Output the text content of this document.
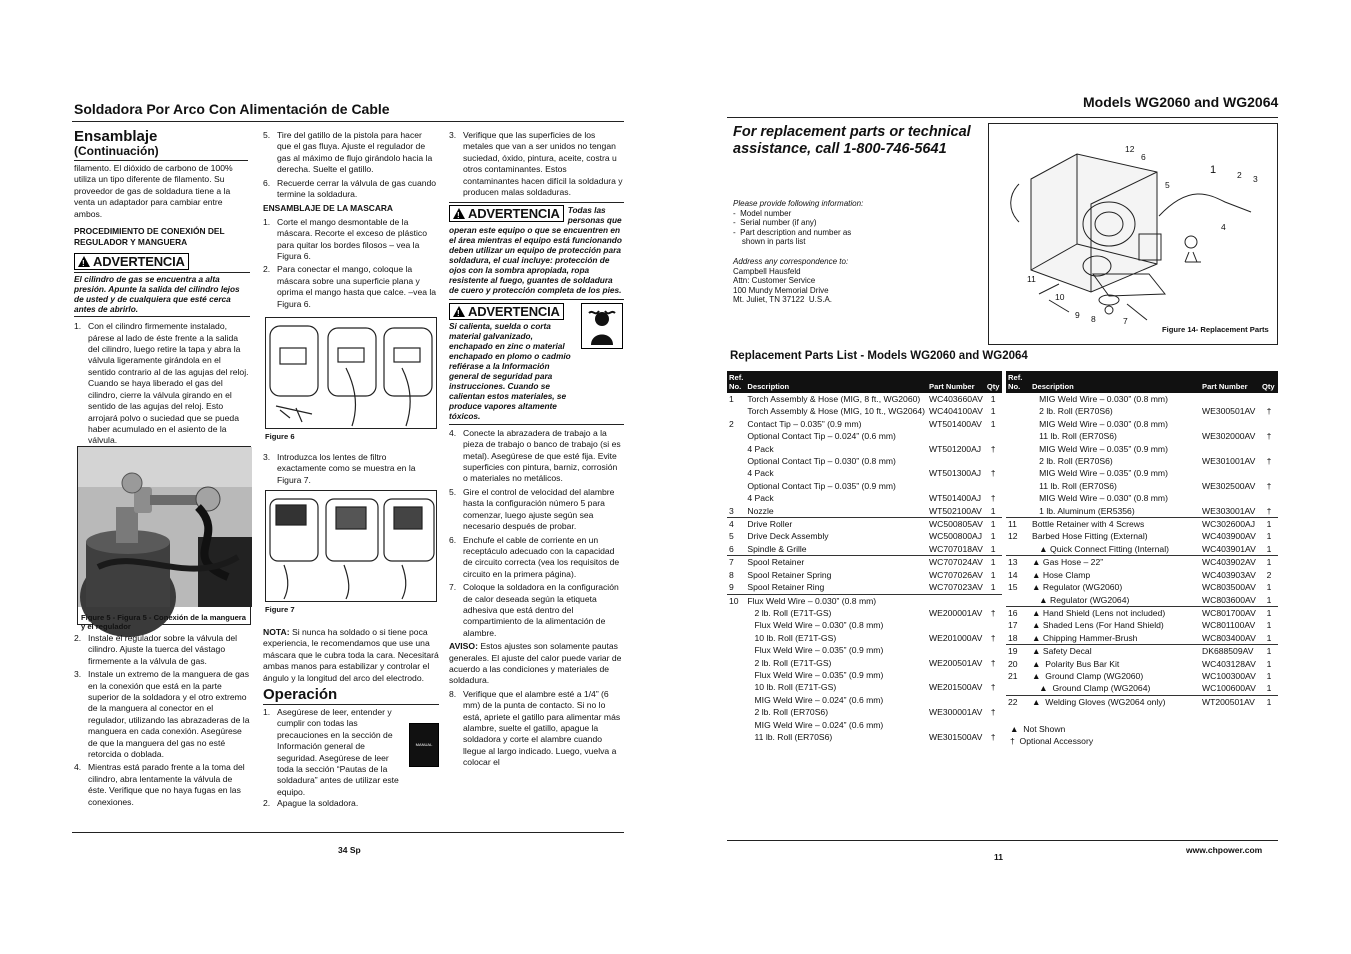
Soldadora Por Arco Con Alimentación de Cable
Ensamblaje
(Continuación)

filamento. El dióxido de carbono de 100% utiliza un tipo diferente de filamento. Su proveedor de gas de soldadura tiene a la venta un adaptador para cambiar entre ambos.

PROCEDIMIENTO DE CONEXIÓN DEL REGULADOR Y MANGUERA
!
ADVERTENCIA
El cilindro de gas se encuentra a alta presión. Apunte la salida del cilindro lejos de usted y de cualquiera que esté cerca antes de abrirlo.
1. Con el cilindro firmemente instalado, párese al lado de éste frente a la salida del cilindro, luego retire la tapa y abra la válvula ligeramente girándola en el sentido contrario al de las agujas del reloj. Cuando se haya liberado el gas del cilindro, cierre la válvula girando en el sentido de las agujas del reloj. Esto arrojará polvo o suciedad que se pueda haber acumulado en el asiento de la válvula.
Figure 5 - Figura 5 - Conexión de la manguera y el regulador
2. Instale el regulador sobre la válvula del cilindro. Ajuste la tuerca del vástago firmemente a la válvula de gas.
3. Instale un extremo de la manguera de gas en la conexión que está en la parte superior de la soldadora y el otro extremo de la manguera al conector en el regulador, utilizando las abrazaderas de la manguera en cada conexión. Asegúrese de que la manguera del gas no esté retorcida o doblada.
4. Mientras está parado frente a la toma del cilindro, abra lentamente la válvula de éste. Verifique que no haya fugas en las conexiones.
5. Tire del gatillo de la pistola para hacer que el gas fluya. Ajuste el regulador de gas al máximo de flujo girándolo hacia la derecha. Suelte el gatillo.
6. Recuerde cerrar la válvula de gas cuando termine la soldadura.
ENSAMBLAJE DE LA MASCARA
1. Corte el mango desmontable de la máscara. Recorte el exceso de plástico para quitar los bordes filosos – vea la Figura 6.
2. Para conectar el mango, coloque la máscara sobre una superficie plana y oprima el mango hasta que calce. –vea la Figura 6.
Figure 6
3. Introduzca los lentes de filtro exactamente como se muestra en la Figura 7.
Figure 7

NOTA: Si nunca ha soldado o si tiene poca experiencia, le recomendamos que use una máscara que le cubra toda la cara. Necesitará ambas manos para estabilizar y controlar el ángulo y la longitud del arco del electrodo.

Operación
1. Asegúrese de leer, entender y cumplir con todas las precauciones en la sección de Información general de seguridad. Asegúrese de leer toda la sección “Pautas de la soldadura” antes de utilizar este equipo.
MANUAL
2. Apague la soldadora.
3. Verifique que las superficies de los metales que van a ser unidos no tengan suciedad, óxido, pintura, aceite, costra u otros contaminantes. Estos contaminantes hacen difícil la soldadura y producen malas soldaduras.
!
ADVERTENCIA Todas las personas que operan este equipo o que se encuentren en el área mientras el equipo está funcionando deben utilizar un equipo de protección para soldadura, el cual incluye: protección de ojos con la sombra apropiada, ropa resistente al fuego, guantes de soldadura de cuero y protección completa de los pies.
!
ADVERTENCIA
Si calienta, suelda o corta material galvanizado, enchapado en zinc o material enchapado en plomo o cadmio refiérase a la Información general de seguridad para instrucciones. Cuando se calientan estos materiales, se produce vapores altamente tóxicos.
4. Conecte la abrazadera de trabajo a la pieza de trabajo o banco de trabajo (si es metal). Asegúrese de que esté fija. Evite superficies con pintura, barniz, corrosión o materiales no metálicos.
5. Gire el control de velocidad del alambre hasta la configuración número 5 para comenzar, luego ajuste según sea necesario después de probar.
6. Enchufe el cable de corriente en un receptáculo adecuado con la capacidad de circuito correcta (vea los requisitos de circuito en la primera página).
7. Coloque la soldadora en la configuración de calor deseada según la etiqueta adhesiva que está dentro del compartimiento de la alimentación de alambre.

AVISO: Estos ajustes son solamente pautas generales. El ajuste del calor puede variar de acuerdo a las condiciones y materiales de soldadura.

8. Verifique que el alambre esté a 1/4” (6 mm) de la punta de contacto. Si no lo está, apriete el gatillo para alimentar más alambre, suelte el gatillo, apague la soldadora y corte el alambre cuando llegue al largo indicado. Luego, vuelva a colocar el
34 Sp
Models WG2060 and WG2064
For replacement parts or technical assistance, call 1-800-746-5641
Please provide following information:
-  Model number
-  Serial number (if any)
-  Part description and number as
shown in parts list
Address any correspondence to:
Campbell Hausfeld
Attn: Customer Service
100 Mundy Memorial Drive
Mt. Juliet, TN 37122  U.S.A.
12
6
5
1 2 3
4
11
10
9 8	7
Figure 14- Replacement Parts
Replacement Parts List - Models WG2060 and WG2064
Ref. No.	Description	Part Number	Qty
1	Torch Assembly & Hose (MIG, 8 ft., WG2060)	WC403660AV	1
	Torch Assembly & Hose (MIG, 10 ft., WG2064)	WC404100AV	1
2	Contact Tip – 0.035” (0.9 mm)	WT501400AV	1
	Optional Contact Tip – 0.024” (0.6 mm)		
	4 Pack	WT501200AJ	†
	Optional Contact Tip – 0.030” (0.8 mm)		
	4 Pack	WT501300AJ	†
	Optional Contact Tip – 0.035” (0.9 mm)		
	4 Pack	WT501400AJ	†
3	Nozzle	WT502100AV	1
4	Drive Roller	WC500805AV	1
5	Drive Deck Assembly	WC500800AJ	1
6	Spindle & Grille	WC707018AV	1
7	Spool Retainer	WC707024AV	1
8	Spool Retainer Spring	WC707026AV	1
9	Spool Retainer Ring	WC707023AV	1
10	Flux Weld Wire – 0.030” (0.8 mm)		
	2 lb. Roll (E71T-GS)	WE200001AV	†
	Flux Weld Wire – 0.030” (0.8 mm)		
	10 lb. Roll (E71T-GS)	WE201000AV	†
	Flux Weld Wire – 0.035” (0.9 mm)		
	2 lb. Roll (E71T-GS)	WE200501AV	†
	Flux Weld Wire – 0.035” (0.9 mm)		
	10 lb. Roll (E71T-GS)	WE201500AV	†
	MIG Weld Wire – 0.024” (0.6 mm)		
	2 lb. Roll (ER70S6)	WE300001AV	†
	MIG Weld Wire – 0.024” (0.6 mm)		
	11 lb. Roll (ER70S6)	WE301500AV	†
Ref. No.	Description	Part Number	Qty
	MIG Weld Wire – 0.030” (0.8 mm)		
	2 lb. Roll (ER70S6)	WE300501AV	†
	MIG Weld Wire – 0.030” (0.8 mm)		
	11 lb. Roll (ER70S6)	WE302000AV	†
	MIG Weld Wire – 0.035” (0.9 mm)		
	2 lb. Roll (ER70S6)	WE301001AV	†
	MIG Weld Wire – 0.035” (0.9 mm)		
	11 lb. Roll (ER70S6)	WE302500AV	†
	MIG Weld Wire – 0.030” (0.8 mm)		
	1 lb. Aluminum (ER5356)	WE303001AV	†
11	Bottle Retainer with 4 Screws	WC302600AJ	1
12	Barbed Hose Fitting (External)	WC403900AV	1
	▲ Quick Connect Fitting (Internal)	WC403901AV	1
13	▲ Gas Hose – 22”	WC403902AV	1
14	▲ Hose Clamp	WC403903AV	2
15	▲ Regulator (WG2060)	WC803500AV	1
	▲ Regulator (WG2064)	WC803600AV	1
16	▲ Hand Shield (Lens not included)	WC801700AV	1
17	▲ Shaded Lens (For Hand Shield)	WC801100AV	1
18	▲ Chipping Hammer-Brush	WC803400AV	1
19	▲ Safety Decal	DK688509AV	1
20	▲  Polarity Bus Bar Kit	WC403128AV	1
21	▲  Ground Clamp (WG2060)	WC100300AV	1
	▲  Ground Clamp (WG2064)	WC100600AV	1
22	▲  Welding Gloves (WG2064 only)	WT200501AV	1
▲  Not Shown
†  Optional Accessory
11
www.chpower.com
